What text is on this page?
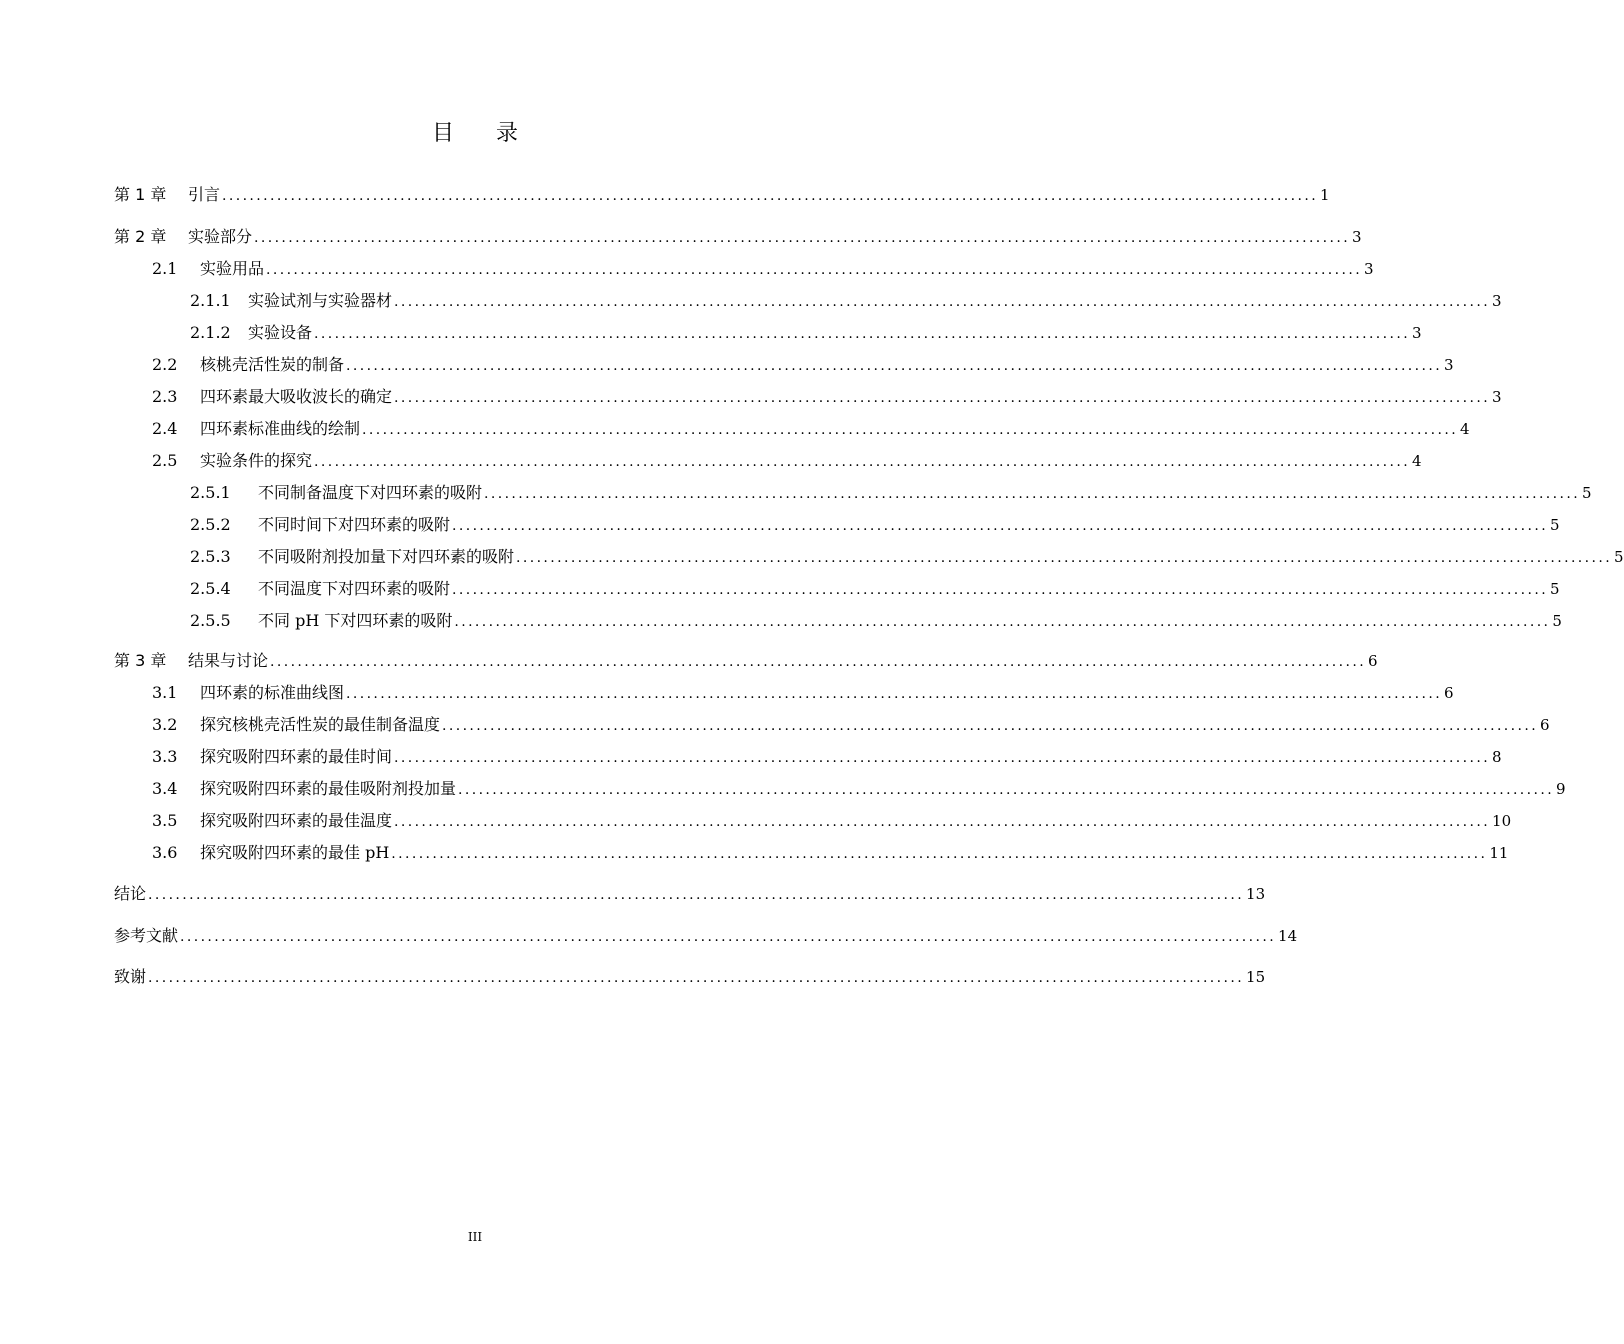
目 录
第 1 章	引言 ................................................................................................................................................................ 1
第 2 章	实验部分 ................................................................................................................................................................ 3
2.1	实验用品 ................................................................................................................................................................ 3
2.1.1	实验试剂与实验器材 ................................................................................................................................................................ 3
2.1.2	实验设备 ................................................................................................................................................................ 3
2.2	核桃壳活性炭的制备 ................................................................................................................................................................ 3
2.3	四环素最大吸收波长的确定 ................................................................................................................................................................ 3
2.4	四环素标准曲线的绘制 ................................................................................................................................................................ 4
2.5	实验条件的探究 ................................................................................................................................................................ 4
2.5.1	不同制备温度下对四环素的吸附 ................................................................................................................................................................ 5
2.5.2	不同时间下对四环素的吸附 ................................................................................................................................................................ 5
2.5.3	不同吸附剂投加量下对四环素的吸附 ................................................................................................................................................................ 5
2.5.4	不同温度下对四环素的吸附 ................................................................................................................................................................ 5
2.5.5	不同 pH 下对四环素的吸附 ................................................................................................................................................................ 5
第 3 章	结果与讨论 ................................................................................................................................................................ 6
3.1	四环素的标准曲线图 ................................................................................................................................................................ 6
3.2	探究核桃壳活性炭的最佳制备温度 ................................................................................................................................................................ 6
3.3	探究吸附四环素的最佳时间 ................................................................................................................................................................ 8
3.4	探究吸附四环素的最佳吸附剂投加量 ................................................................................................................................................................ 9
3.5	探究吸附四环素的最佳温度 ................................................................................................................................................................ 10
3.6	探究吸附四环素的最佳 pH ................................................................................................................................................................ 11
结论 ................................................................................................................................................................ 13
参考文献 ................................................................................................................................................................ 14
致谢 ................................................................................................................................................................ 15
III
